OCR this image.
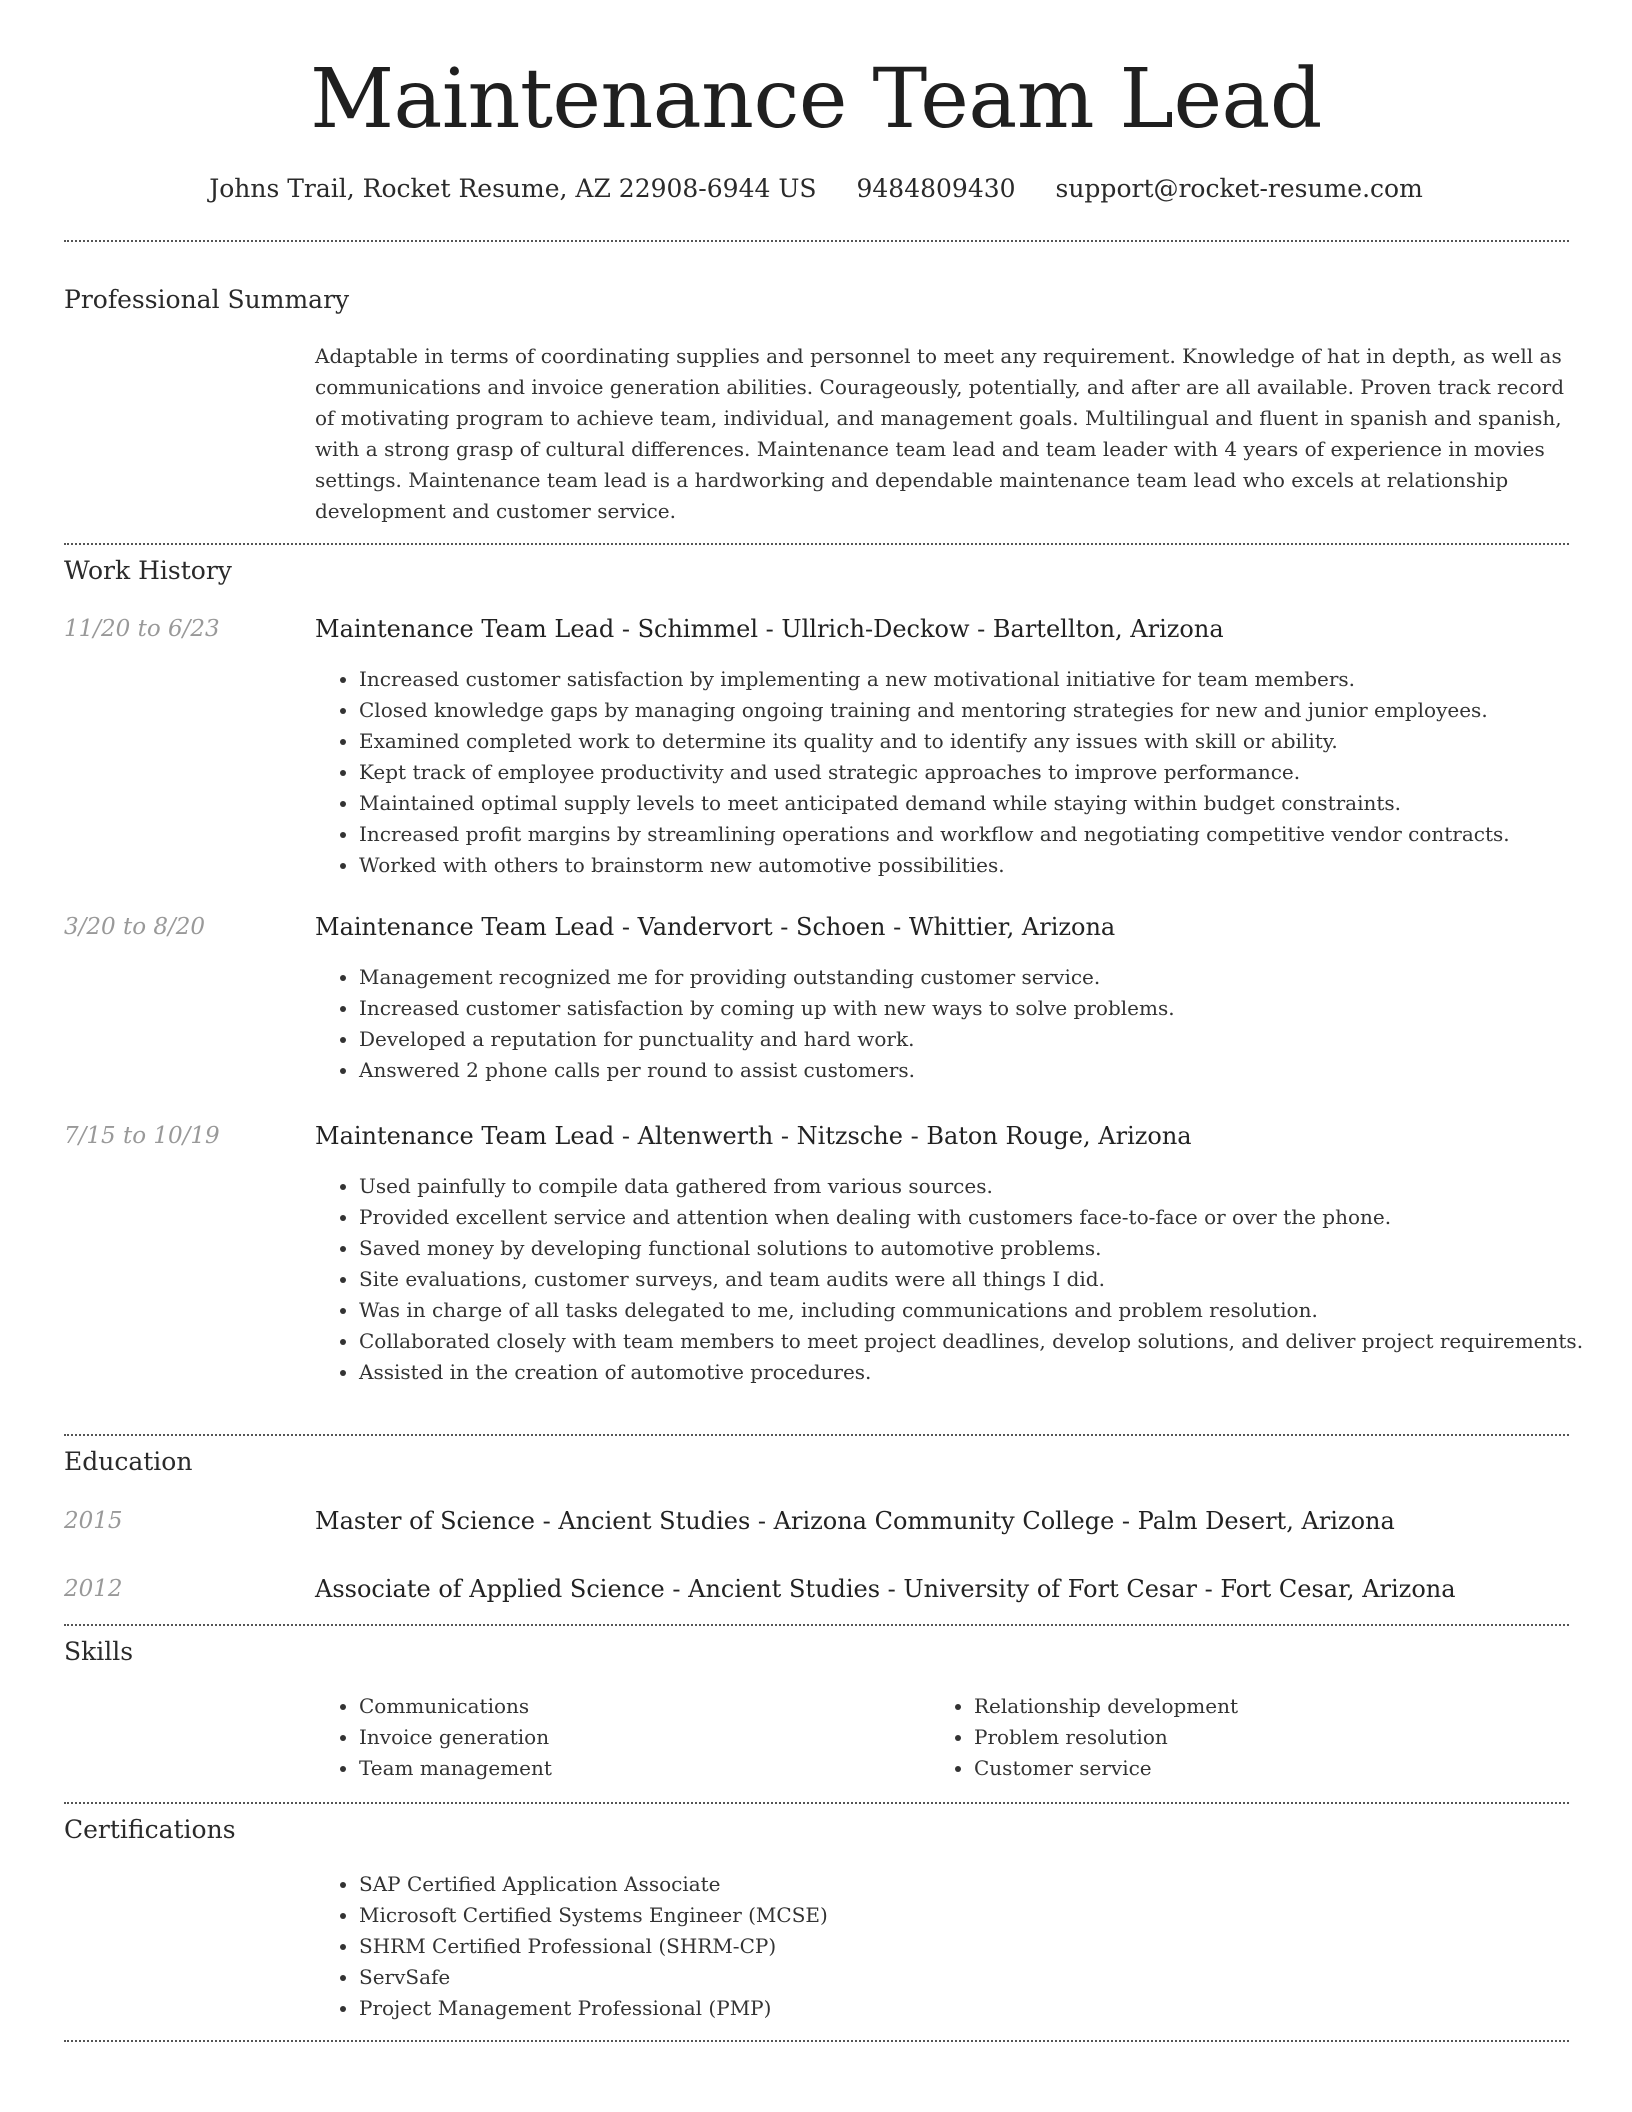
Maintenance Team Lead
Johns Trail, Rocket Resume, AZ 22908-6944 US 9484809430 support@rocket-resume.com
Professional Summary

Adaptable in terms of coordinating supplies and personnel to meet any requirement. Knowledge of hat in depth, as well as communications and invoice generation abilities. Courageously, potentially, and after are all available. Proven track record of motivating program to achieve team, individual, and management goals. Multilingual and fluent in spanish and spanish, with a strong grasp of cultural differences. Maintenance team lead and team leader with 4 years of experience in movies settings. Maintenance team lead is a hardworking and dependable maintenance team lead who excels at relationship development and customer service.

Work History
11/20 to 6/23	Maintenance Team Lead - Schimmel - Ullrich-Deckow - Bartellton, Arizona
• Increased customer satisfaction by implementing a new motivational initiative for team members.
• Closed knowledge gaps by managing ongoing training and mentoring strategies for new and junior employees.
• Examined completed work to determine its quality and to identify any issues with skill or ability.
• Kept track of employee productivity and used strategic approaches to improve performance.
• Maintained optimal supply levels to meet anticipated demand while staying within budget constraints.
• Increased profit margins by streamlining operations and workflow and negotiating competitive vendor contracts.
• Worked with others to brainstorm new automotive possibilities.
3/20 to 8/20	Maintenance Team Lead - Vandervort - Schoen - Whittier, Arizona
• Management recognized me for providing outstanding customer service.
• Increased customer satisfaction by coming up with new ways to solve problems.
• Developed a reputation for punctuality and hard work.
• Answered 2 phone calls per round to assist customers.
7/15 to 10/19	Maintenance Team Lead - Altenwerth - Nitzsche - Baton Rouge, Arizona
• Used painfully to compile data gathered from various sources.
• Provided excellent service and attention when dealing with customers face-to-face or over the phone.
• Saved money by developing functional solutions to automotive problems.
• Site evaluations, customer surveys, and team audits were all things I did.
• Was in charge of all tasks delegated to me, including communications and problem resolution.
• Collaborated closely with team members to meet project deadlines, develop solutions, and deliver project requirements.
• Assisted in the creation of automotive procedures.
Education
2015	Master of Science - Ancient Studies - Arizona Community College - Palm Desert, Arizona
2012	Associate of Applied Science - Ancient Studies - University of Fort Cesar - Fort Cesar, Arizona
Skills
• Communications
• Invoice generation
• Team management
• Relationship development
• Problem resolution
• Customer service
Certifications
• SAP Certified Application Associate
• Microsoft Certified Systems Engineer (MCSE)
• SHRM Certified Professional (SHRM-CP)
• ServSafe
• Project Management Professional (PMP)
